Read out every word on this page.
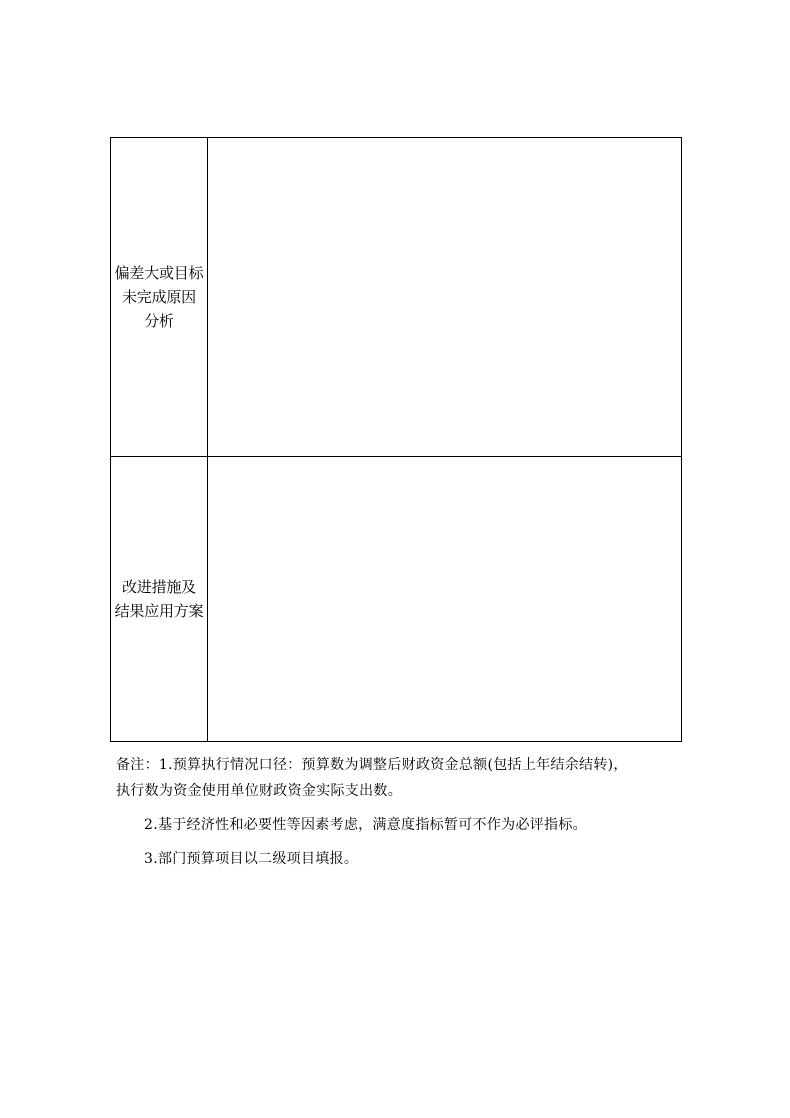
偏差大或目标
未完成原因
分析	

改进措施及
结果应用方案	

备注：1.预算执行情况口径：预算数为调整后财政资金总额(包括上年结余结转)，

执行数为资金使用单位财政资金实际支出数。

2.基于经济性和必要性等因素考虑，满意度指标暂可不作为必评指标。

3.部门预算项目以二级项目填报。
